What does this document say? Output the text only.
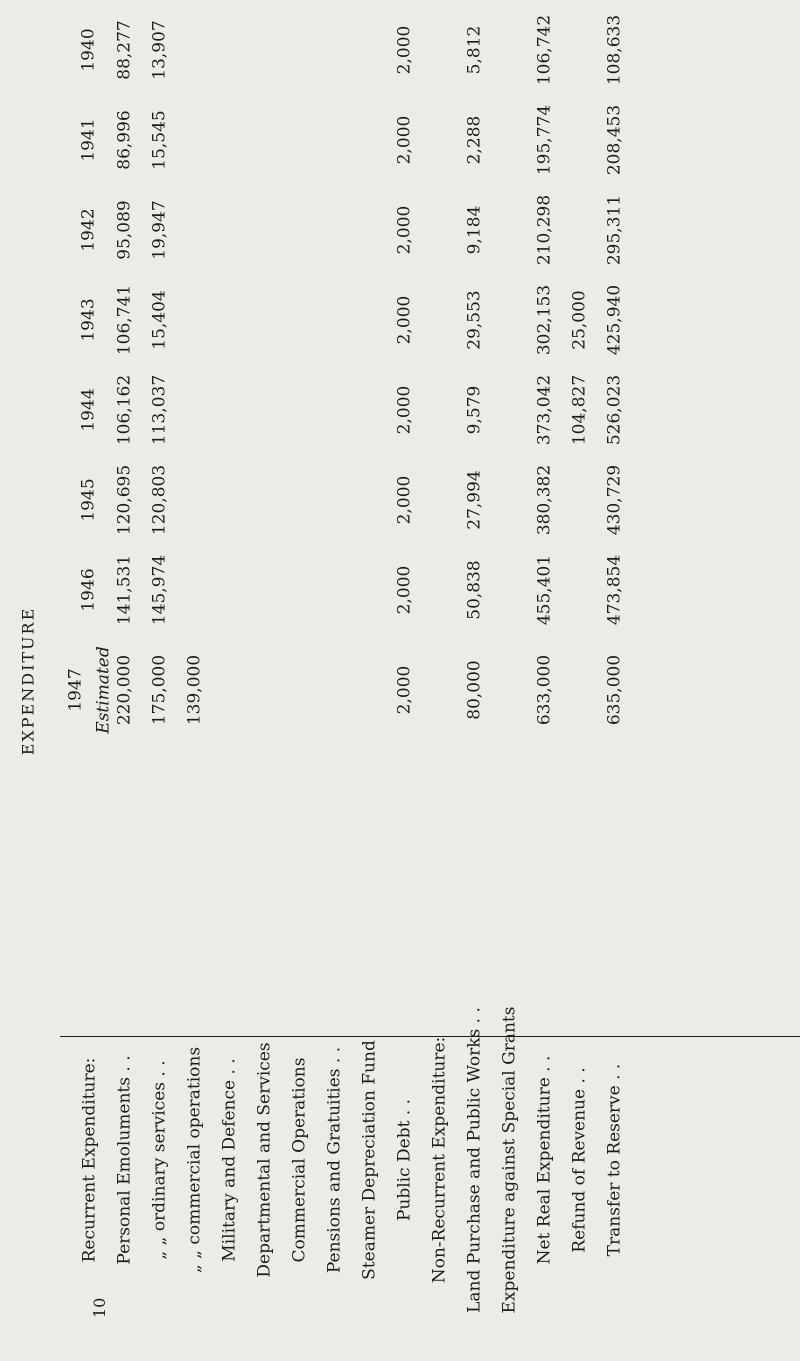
EXPENDITURE
1940
1941
1942
1943
1944
1945
1946
1947 Estimated
Recurrent Expenditure: Personal Emoluments . . „ „ ordinary services . . „ „ commercial operations Military and Defence . . Departmental and Services Commercial Operations Pensions and Gratuities . . Steamer Depreciation Fund Public Debt . . Non-Recurrent Expenditure: Land Purchase and Public Works . . Expenditure against Special Grants Net Real Expenditure . . Refund of Revenue . . Transfer to Reserve . .
88,277
86,996
95,089
106,741
106,162
120,695
141,531
220,000
13,907
15,545
19,947
15,404
113,037
120,803
145,974
175,000 139,000
2,000
2,000
2,000
2,000
2,000
2,000
2,000
2,000
5,812
2,288
9,184
29,553
9,579
27,994
50,838
80,000
106,742
195,774
210,298
302,153
373,042
380,382
455,401
633,000
25,000
104,827
108,633
208,453
295,311
425,940
526,023
430,729
473,854
635,000
10
